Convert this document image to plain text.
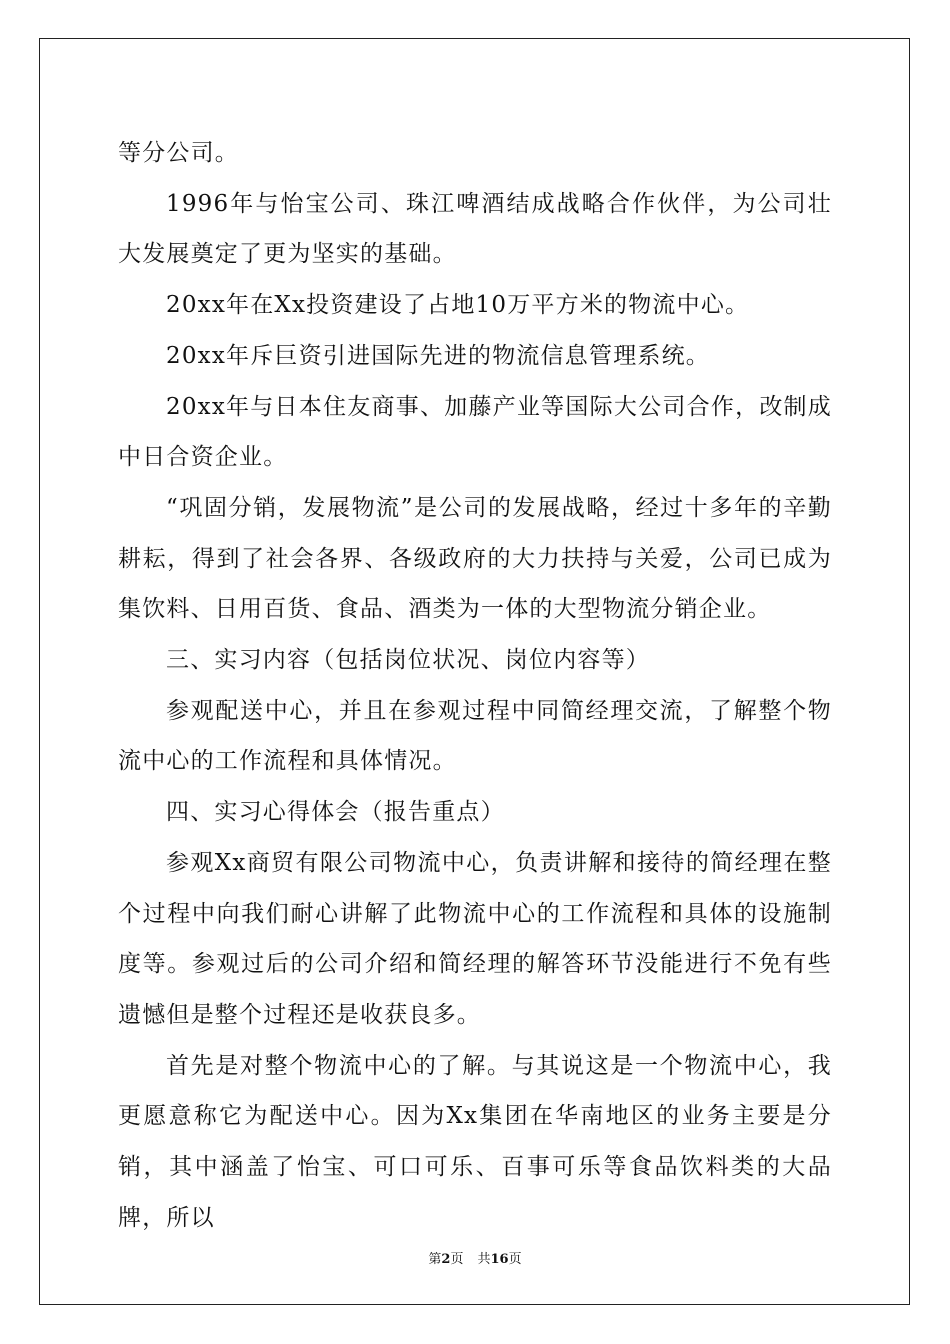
等分公司。

1996年与怡宝公司、珠江啤酒结成战略合作伙伴，为公司壮大发展奠定了更为坚实的基础。

20xx年在Xx投资建设了占地10万平方米的物流中心。

20xx年斥巨资引进国际先进的物流信息管理系统。

20xx年与日本住友商事、加藤产业等国际大公司合作，改制成中日合资企业。

“巩固分销，发展物流”是公司的发展战略，经过十多年的辛勤耕耘，得到了社会各界、各级政府的大力扶持与关爱，公司已成为集饮料、日用百货、食品、酒类为一体的大型物流分销企业。

三、实习内容（包括岗位状况、岗位内容等）

参观配送中心，并且在参观过程中同简经理交流，了解整个物流中心的工作流程和具体情况。

四、实习心得体会（报告重点）

参观Xx商贸有限公司物流中心，负责讲解和接待的简经理在整个过程中向我们耐心讲解了此物流中心的工作流程和具体的设施制度等。参观过后的公司介绍和简经理的解答环节没能进行不免有些遗憾但是整个过程还是收获良多。

首先是对整个物流中心的了解。与其说这是一个物流中心，我更愿意称它为配送中心。因为Xx集团在华南地区的业务主要是分销，其中涵盖了怡宝、可口可乐、百事可乐等食品饮料类的大品牌，所以

第2页 共16页
